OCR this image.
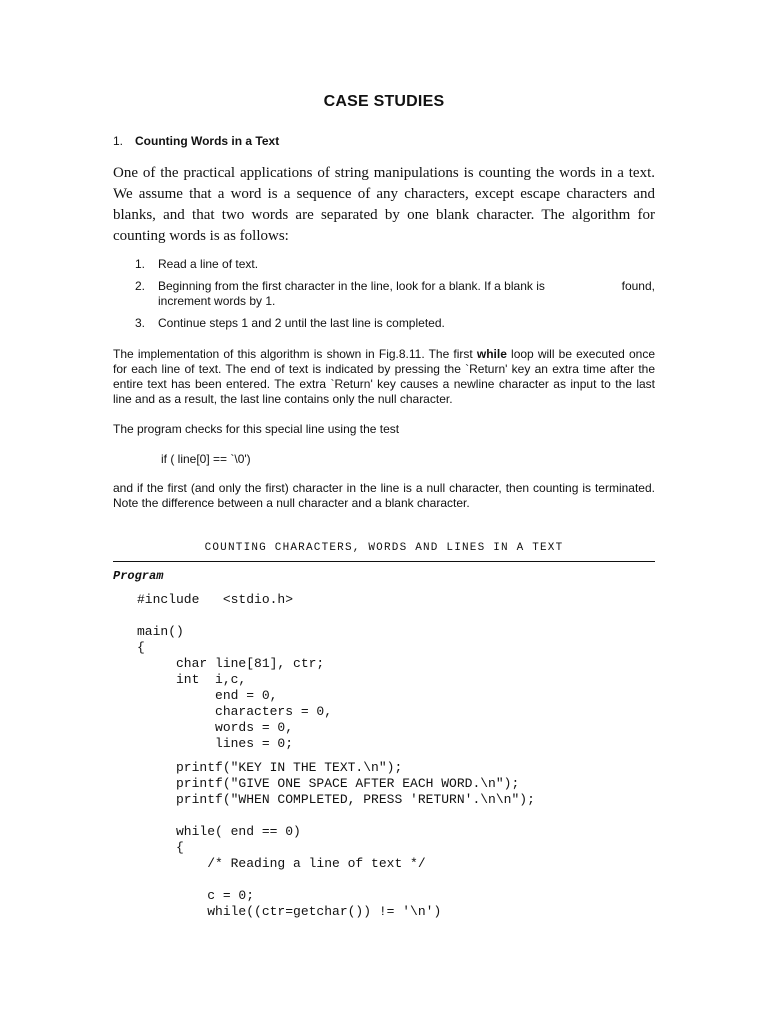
CASE STUDIES
1. Counting Words in a Text

One of the practical applications of string manipulations is counting the words in a text. We assume that a word is a sequence of any characters, except escape characters and blanks, and that two words are separated by one blank character. The algorithm for counting words is as follows:

1. Read a line of text.
2. Beginning from the first character in the line, look for a blank. If a blank is	found,
increment words by 1.
3. Continue steps 1 and 2 until the last line is completed.

The implementation of this algorithm is shown in Fig.8.11. The first while loop will be executed once for each line of text. The end of text is indicated by pressing the `Return' key an extra time after the entire text has been entered. The extra `Return' key causes a newline character as input to the last line and as a result, the last line contains only the null character.

The program checks for this special line using the test

if ( line[0] == `\0')

and if the first (and only the first) character in the line is a null character, then counting is terminated. Note the difference between a null character and a blank character.

COUNTING CHARACTERS, WORDS AND LINES IN A TEXT
Program
#include   <stdio.h>
main()
{
char line[81], ctr;
int  i,c,
end = 0,
characters = 0,
words = 0,
lines = 0;
printf("KEY IN THE TEXT.\n");
printf("GIVE ONE SPACE AFTER EACH WORD.\n");
printf("WHEN COMPLETED, PRESS 'RETURN'.\n\n");
while( end == 0)
{
/* Reading a line of text */
c = 0;
while((ctr=getchar()) != '\n')
